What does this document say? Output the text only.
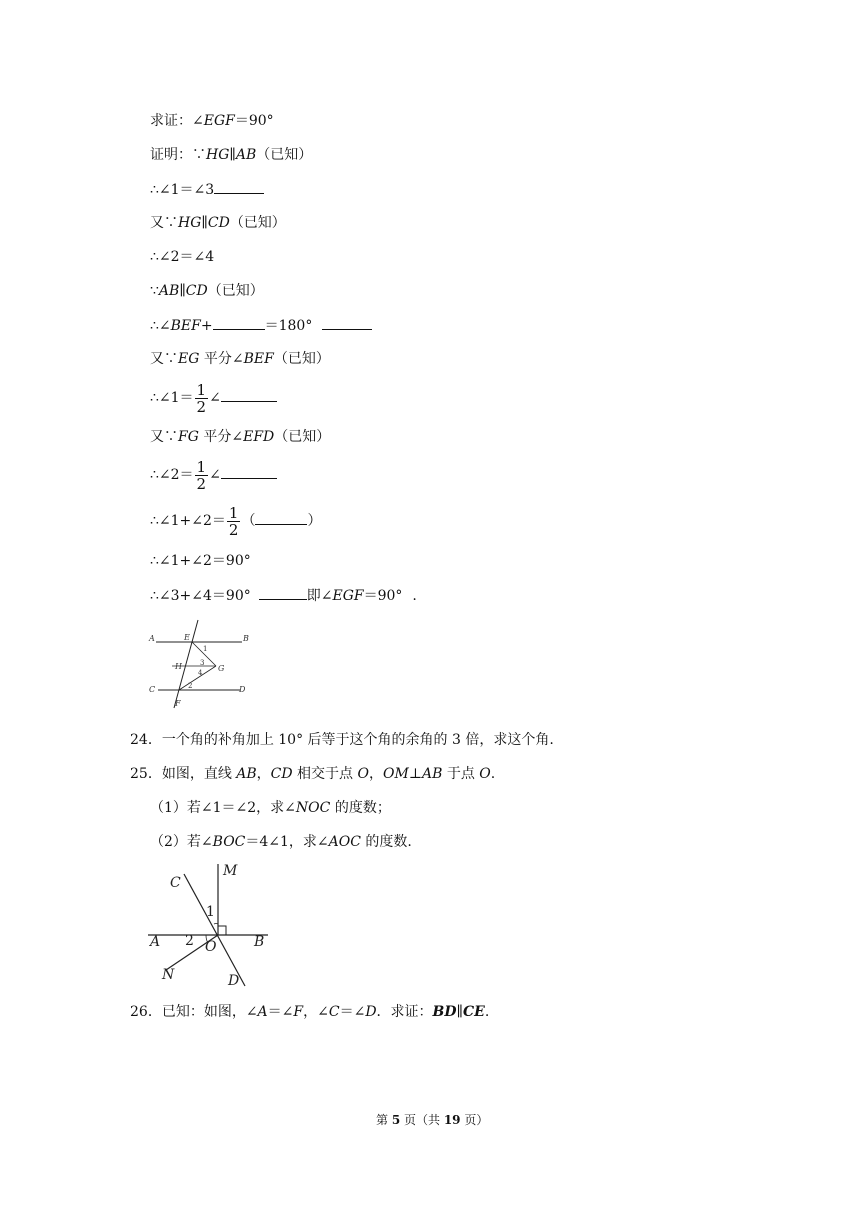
求证：∠EGF＝90°
证明：∵HG∥AB（已知）
∴∠1＝∠3
又∵HG∥CD（已知）
∴∠2＝∠4
∵AB∥CD（已知）
∴∠BEF+	＝180°
又∵EG 平分∠BEF（已知）
∴∠1＝ $\frac{1}{2}$ ∠
又∵FG 平分∠EFD（已知）
∴∠2＝ $\frac{1}{2}$ ∠
∴∠1+∠2＝ $\frac{1}{2}$ （	）
∴∠1+∠2＝90°
∴∠3+∠4＝90°	即∠EGF＝90° .
A	B
C	D
E
F
H	G
1
2
3
4
24．一个角的补角加上 10° 后等于这个角的余角的 3 倍，求这个角.
25．如图，直线 AB，CD 相交于点 O，OM⊥AB 于点 O.
（1）若∠1＝∠2，求∠NOC 的度数；
（2）若∠BOC＝4∠1，求∠AOC 的度数.
C
M
1
A 2 O	B
N	D
26．已知：如图，∠A＝∠F，∠C＝∠D．求证：BD∥CE.
第 5 页（共 19 页）
